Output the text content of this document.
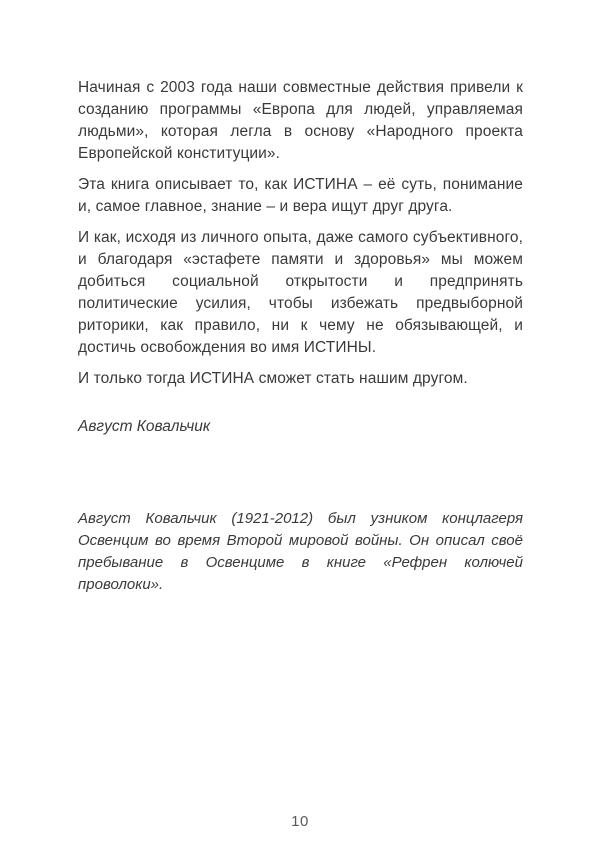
Начиная с 2003 года наши совместные действия привели к созданию программы «Европа для людей, управляемая людьми», которая легла в основу «Народного проекта Европейской конституции».

Эта книга описывает то, как ИСТИНА – её суть, понимание и, самое главное, знание – и вера ищут друг друга.

И как, исходя из личного опыта, даже самого субъективного, и благодаря «эстафете памяти и здоровья» мы можем добиться социальной открытости и предпринять политические усилия, чтобы избежать предвыборной риторики, как правило, ни к чему не обязывающей, и достичь освобождения во имя ИСТИНЫ.

И только тогда ИСТИНА сможет стать нашим другом.

Август Ковальчик

Август Ковальчик (1921-2012) был узником концлагеря Освенцим во время Второй мировой войны. Он описал своё пребывание в Освенциме в книге «Рефрен колючей проволоки».

10
